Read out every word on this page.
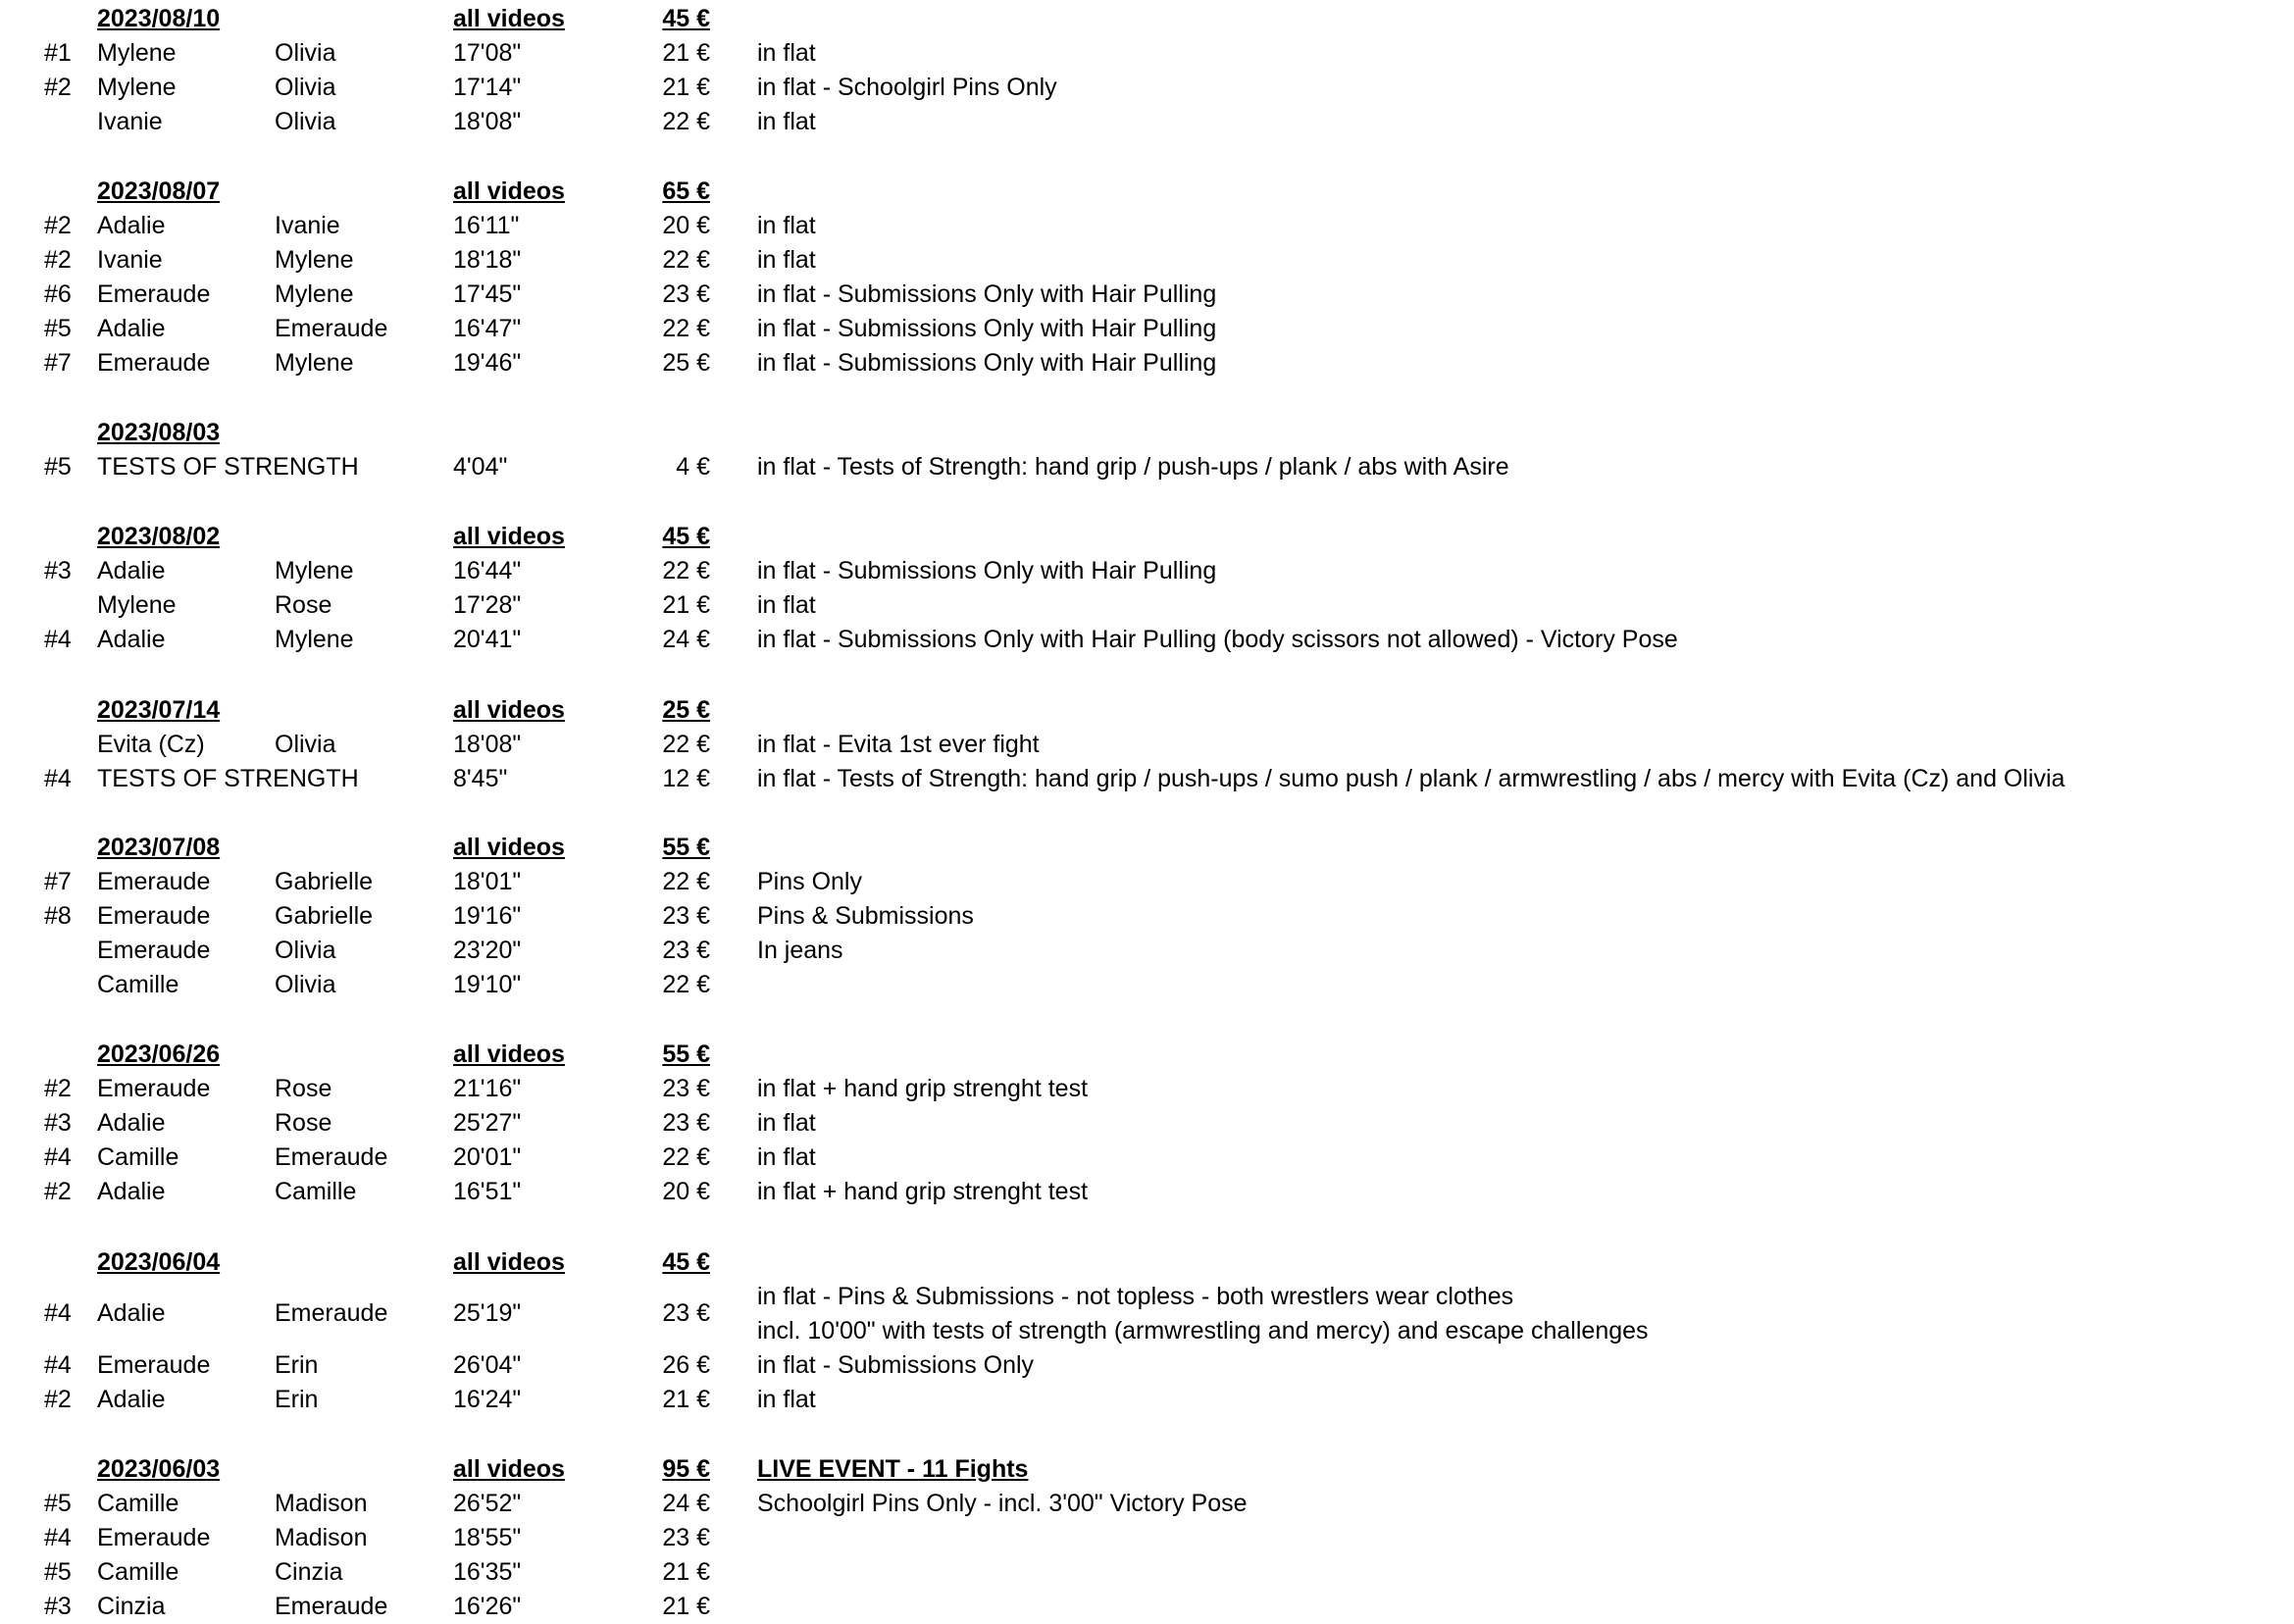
2023/08/10	all videos	45 €
#1 Mylene	Olivia	17'08"	21 € in flat
#2 Mylene	Olivia	17'14"	21 € in flat - Schoolgirl Pins Only
Ivanie	Olivia	18'08"	22 € in flat
2023/08/07	all videos	65 €
#2 Adalie	Ivanie	16'11"	20 € in flat
#2 Ivanie	Mylene	18'18"	22 € in flat
#6 Emeraude	Mylene	17'45"	23 € in flat - Submissions Only with Hair Pulling
#5 Adalie	Emeraude	16'47"	22 € in flat - Submissions Only with Hair Pulling
#7 Emeraude	Mylene	19'46"	25 € in flat - Submissions Only with Hair Pulling
2023/08/03
#5 TESTS OF STRENGTH	4'04"	4 € in flat - Tests of Strength: hand grip / push-ups / plank / abs with Asire
2023/08/02	all videos	45 €
#3 Adalie	Mylene	16'44"	22 € in flat - Submissions Only with Hair Pulling
Mylene	Rose	17'28"	21 € in flat
#4 Adalie	Mylene	20'41"	24 € in flat - Submissions Only with Hair Pulling (body scissors not allowed) - Victory Pose
2023/07/14	all videos	25 €
Evita (Cz)	Olivia	18'08"	22 € in flat - Evita 1st ever fight
#4 TESTS OF STRENGTH	8'45"	12 € in flat - Tests of Strength: hand grip / push-ups / sumo push / plank / armwrestling / abs / mercy with Evita (Cz) and Olivia
2023/07/08	all videos	55 €
#7 Emeraude	Gabrielle	18'01"	22 € Pins Only
#8 Emeraude	Gabrielle	19'16"	23 € Pins & Submissions
Emeraude	Olivia	23'20"	23 € In jeans
Camille	Olivia	19'10"	22 €
2023/06/26	all videos	55 €
#2 Emeraude	Rose	21'16"	23 € in flat + hand grip strenght test
#3 Adalie	Rose	25'27"	23 € in flat
#4 Camille	Emeraude	20'01"	22 € in flat
#2 Adalie	Camille	16'51"	20 € in flat + hand grip strenght test
2023/06/04	all videos	45 €
#4 Adalie	Emeraude	25'19"	23 €
in flat - Pins & Submissions - not topless - both wrestlers wear clothes
incl. 10'00" with tests of strength (armwrestling and mercy) and escape challenges
#4 Emeraude	Erin	26'04"	26 € in flat - Submissions Only
#2 Adalie	Erin	16'24"	21 € in flat
2023/06/03	all videos	95 € LIVE EVENT - 11 Fights
#5 Camille	Madison	26'52"	24 € Schoolgirl Pins Only - incl. 3'00" Victory Pose
#4 Emeraude	Madison	18'55"	23 €
#5 Camille	Cinzia	16'35"	21 €
#3 Cinzia	Emeraude	16'26"	21 €
